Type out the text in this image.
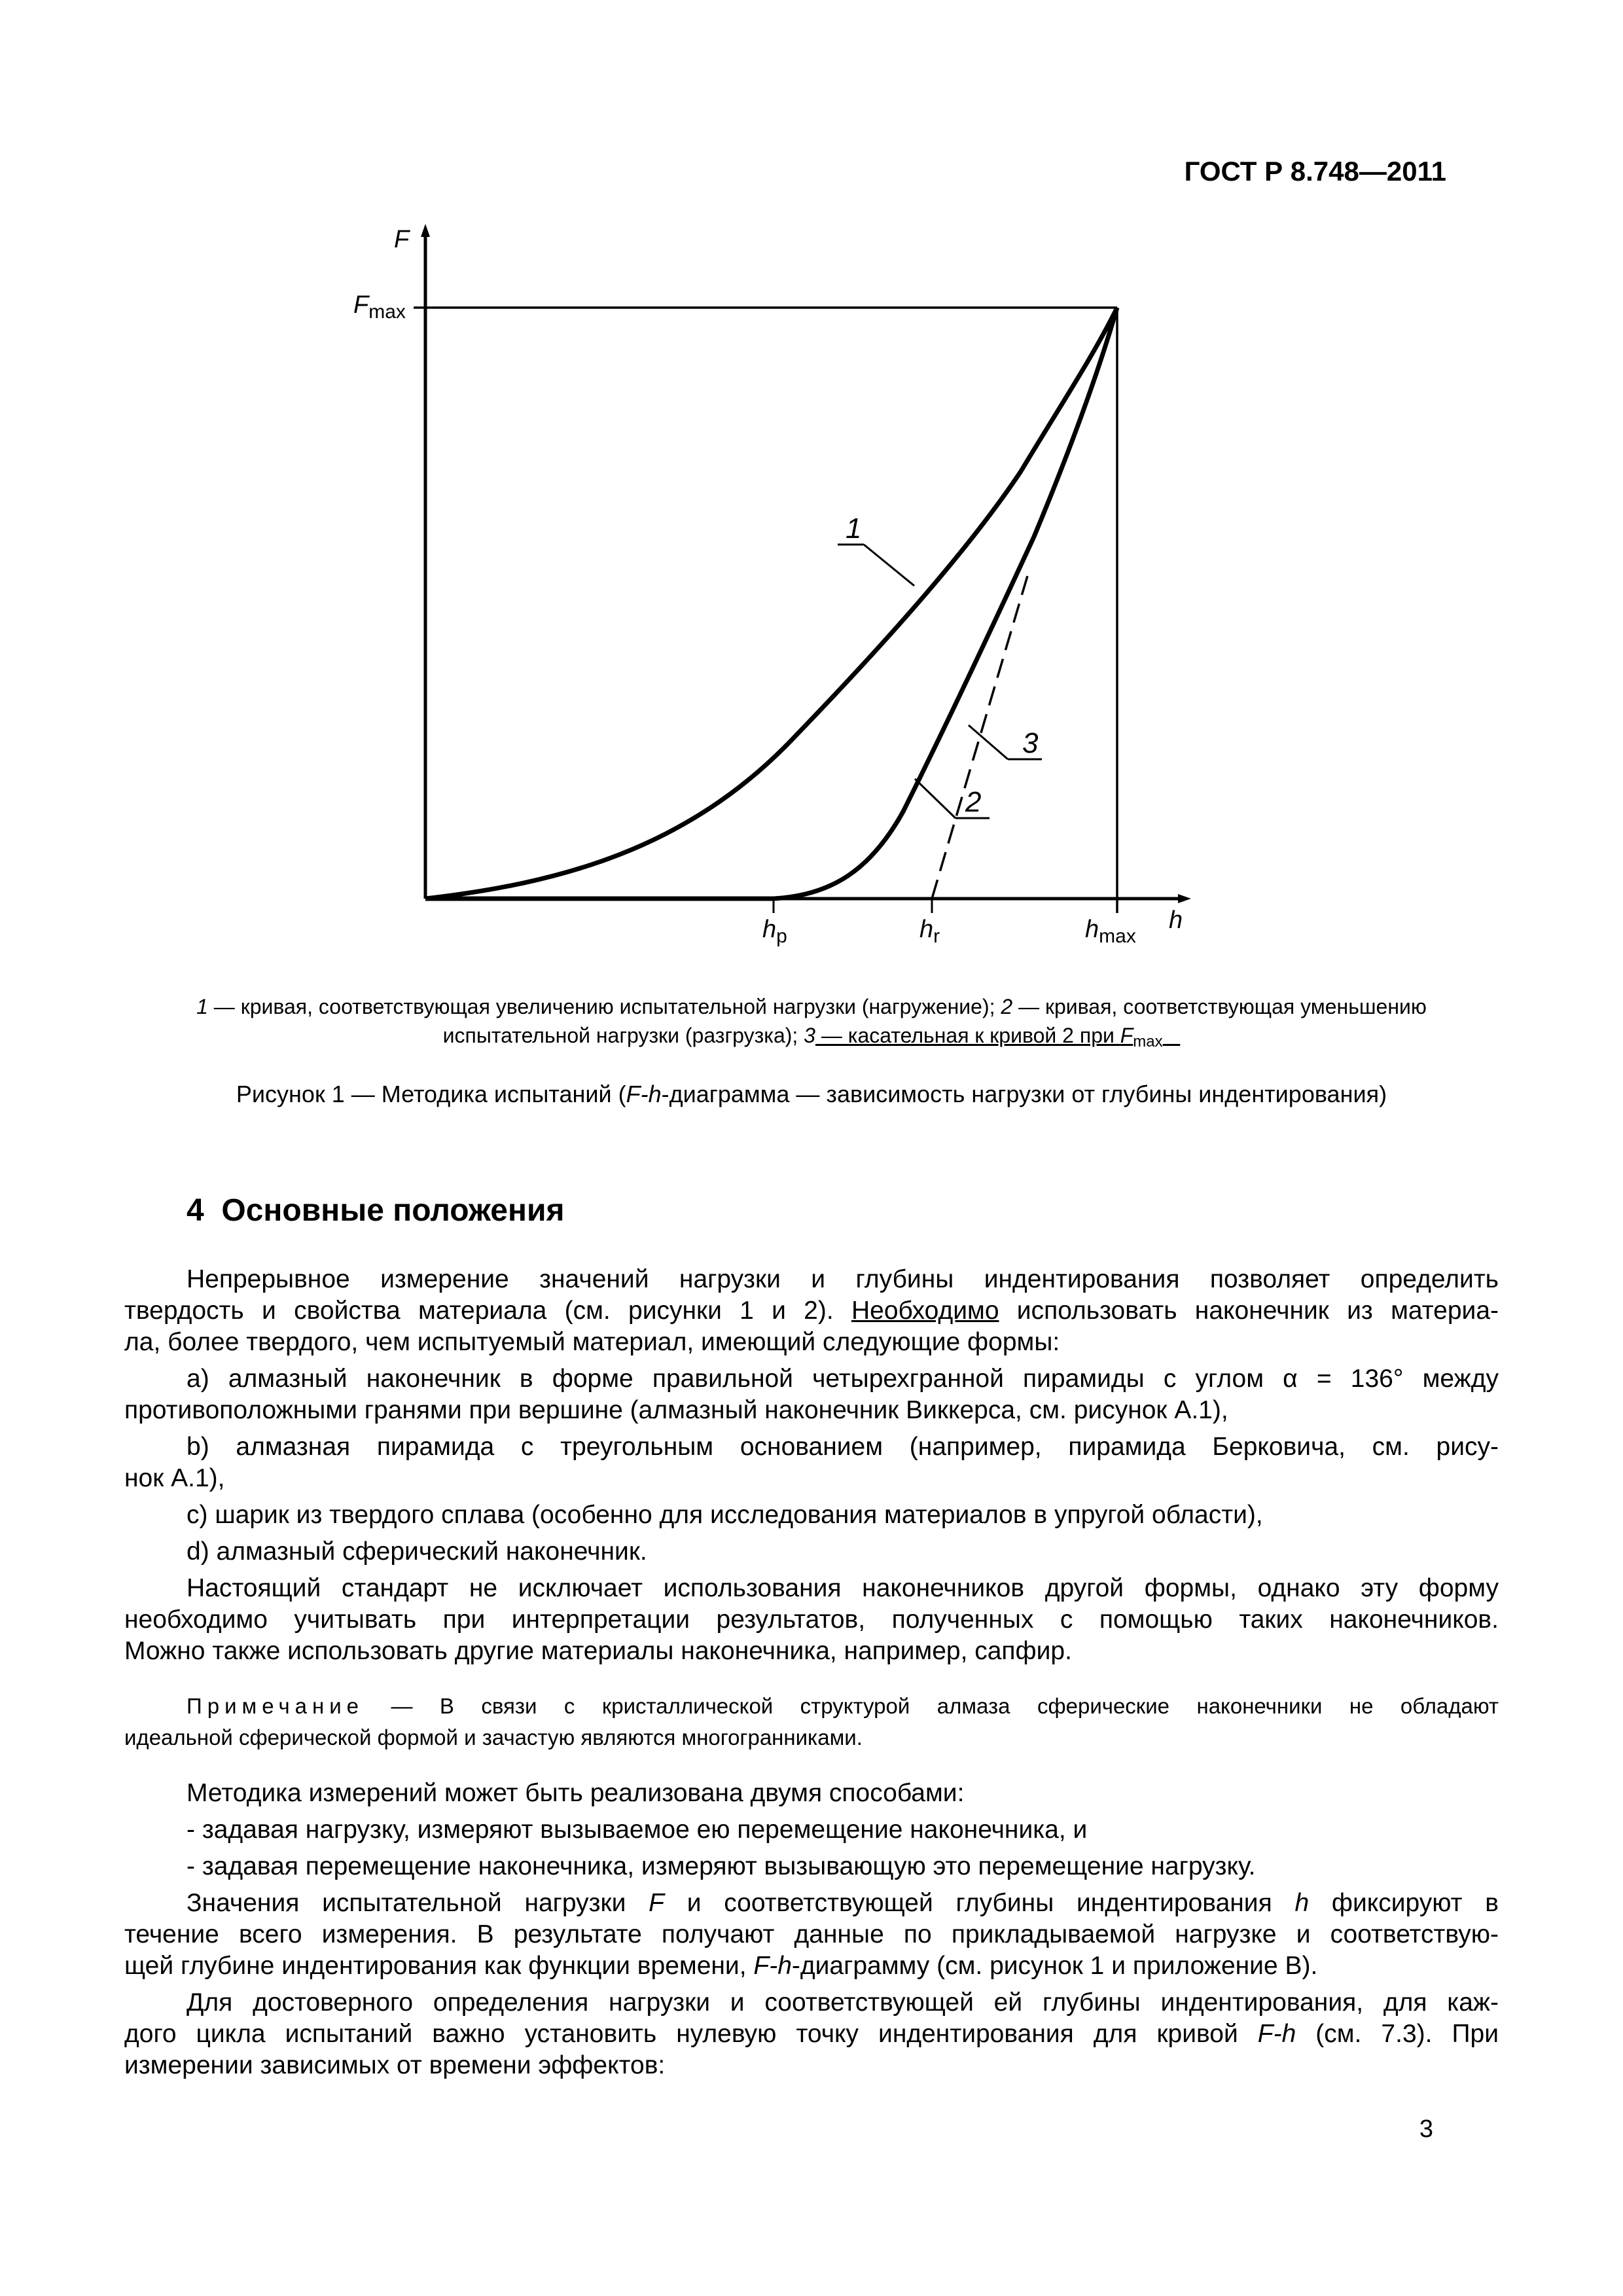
ГОСТ Р 8.748—2011
F
h
$F_{max}$
$h_p$	$h_r$	$h_{max}$
1
3
2
1 — кривая, соответствующая увеличению испытательной нагрузки (нагружение); 2 — кривая, соответствующая уменьшению
испытательной нагрузки (разгрузка); 3 — касательная к кривой 2 при $F_{max}$
Рисунок 1 — Методика испытаний (F-h-диаграмма — зависимость нагрузки от глубины индентирования)
4 Основные положения
Непрерывное измерение значений нагрузки и глубины индентирования позволяет определить
твердость и свойства материала (см. рисунки 1 и 2). Необходимо использовать наконечник из материа-
ла, более твердого, чем испытуемый материал, имеющий следующие формы:
a) алмазный наконечник в форме правильной четырехгранной пирамиды с углом α = 136° между
противоположными гранями при вершине (алмазный наконечник Виккерса, см. рисунок А.1),
b) алмазная пирамида с треугольным основанием (например, пирамида Берковича, см. рису-
нок А.1),
c) шарик из твердого сплава (особенно для исследования материалов в упругой области),
d) алмазный сферический наконечник.
Настоящий стандарт не исключает использования наконечников другой формы, однако эту форму
необходимо учитывать при интерпретации результатов, полученных с помощью таких наконечников.
Можно также использовать другие материалы наконечника, например, сапфир.
Примечание — В связи с кристаллической структурой алмаза сферические наконечники не обладают
идеальной сферической формой и зачастую являются многогранниками.
Методика измерений может быть реализована двумя способами:
- задавая нагрузку, измеряют вызываемое ею перемещение наконечника, и
- задавая перемещение наконечника, измеряют вызывающую это перемещение нагрузку.
Значения испытательной нагрузки F и соответствующей глубины индентирования h фиксируют в
течение всего измерения. В результате получают данные по прикладываемой нагрузке и соответствую-
щей глубине индентирования как функции времени, F-h-диаграмму (см. рисунок 1 и приложение В).
Для достоверного определения нагрузки и соответствующей ей глубины индентирования, для каж-
дого цикла испытаний важно установить нулевую точку индентирования для кривой F-h (см. 7.3). При
измерении зависимых от времени эффектов:
3
